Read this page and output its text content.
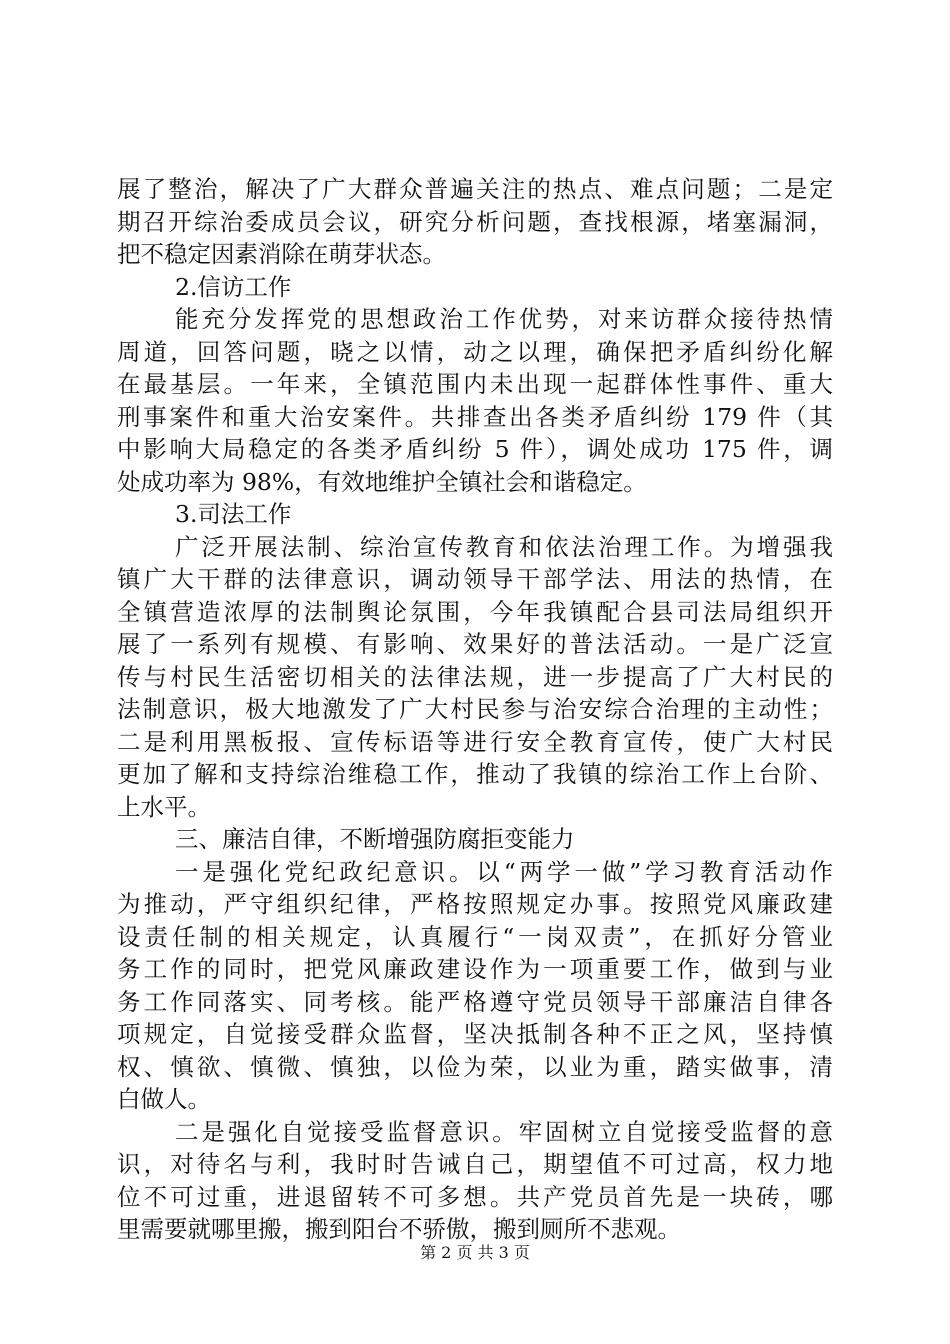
展了整治，解决了广大群众普遍关注的热点、难点问题；二是定
期召开综治委成员会议，研究分析问题，查找根源，堵塞漏洞，
把不稳定因素消除在萌芽状态。
2.信访工作
能充分发挥党的思想政治工作优势，对来访群众接待热情
周道，回答问题，晓之以情，动之以理，确保把矛盾纠纷化解
在最基层。一年来，全镇范围内未出现一起群体性事件、重大
刑事案件和重大治安案件。共排查出各类矛盾纠纷 179 件（其
中影响大局稳定的各类矛盾纠纷 5 件），调处成功 175 件，调
处成功率为 98%，有效地维护全镇社会和谐稳定。
3.司法工作
广泛开展法制、综治宣传教育和依法治理工作。为增强我
镇广大干群的法律意识，调动领导干部学法、用法的热情，在
全镇营造浓厚的法制舆论氛围，今年我镇配合县司法局组织开
展了一系列有规模、有影响、效果好的普法活动。一是广泛宣
传与村民生活密切相关的法律法规，进一步提高了广大村民的
法制意识，极大地激发了广大村民参与治安综合治理的主动性；
二是利用黑板报、宣传标语等进行安全教育宣传，使广大村民
更加了解和支持综治维稳工作，推动了我镇的综治工作上台阶、
上水平。
三、廉洁自律，不断增强防腐拒变能力
一是强化党纪政纪意识。以“两学一做”学习教育活动作
为推动，严守组织纪律，严格按照规定办事。按照党风廉政建
设责任制的相关规定，认真履行“一岗双责”，在抓好分管业
务工作的同时，把党风廉政建设作为一项重要工作，做到与业
务工作同落实、同考核。能严格遵守党员领导干部廉洁自律各
项规定，自觉接受群众监督，坚决抵制各种不正之风，坚持慎
权、慎欲、慎微、慎独，以俭为荣，以业为重，踏实做事，清
白做人。
二是强化自觉接受监督意识。牢固树立自觉接受监督的意
识，对待名与利，我时时告诫自己，期望值不可过高，权力地
位不可过重，进退留转不可多想。共产党员首先是一块砖，哪
里需要就哪里搬，搬到阳台不骄傲，搬到厕所不悲观。
第 2 页 共 3 页
